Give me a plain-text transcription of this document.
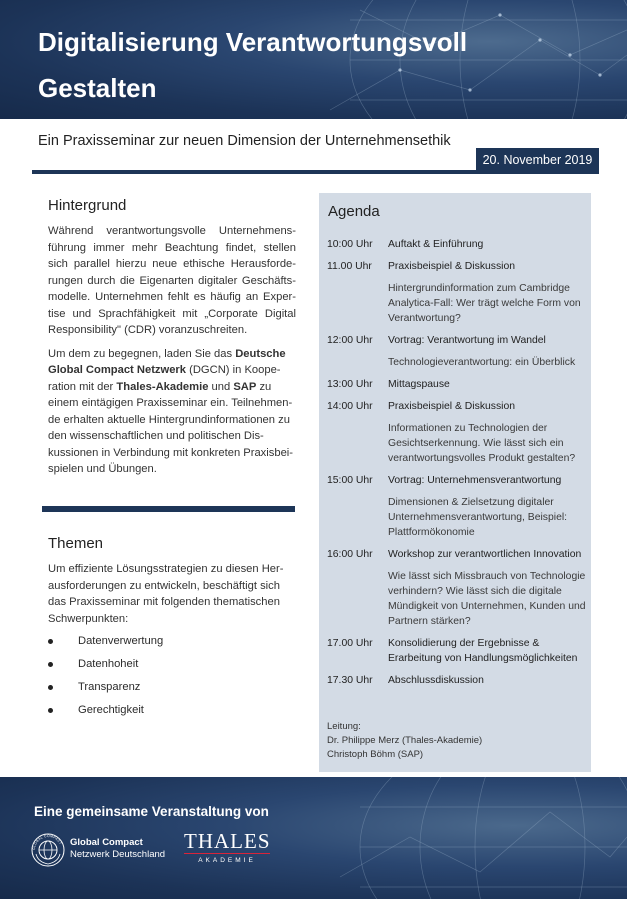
Digitalisierung Verantwortungsvoll
Gestalten
Ein Praxisseminar zur neuen Dimension der Unternehmensethik
20. November 2019
Hintergrund
Während verantwortungsvolle Unternehmens-
führung immer mehr Beachtung findet, stellen
sich parallel hierzu neue ethische Herausforde-
rungen durch die Eigenarten digitaler Geschäfts-
modelle. Unternehmen fehlt es häufig an Exper-
tise und Sprachfähigkeit mit „Corporate Digital
Responsibility" (CDR) voranzuschreiten.

Um dem zu begegnen, laden Sie das Deutsche Global Compact Netzwerk (DGCN) in Koope-ration mit der Thales-Akademie und SAP zu einem eintägigen Praxisseminar ein. Teilnehmen-de erhalten aktuelle Hintergrundinformationen zu den wissenschaftlichen und politischen Dis-kussionen in Verbindung mit konkreten Praxisbei-spielen und Übungen.

Themen

Um effiziente Lösungsstrategien zu diesen Her-ausforderungen zu entwickeln, beschäftigt sich das Praxisseminar mit folgenden thematischen Schwerpunkten:

Datenverwertung
Datenhoheit
Transparenz
Gerechtigkeit
Agenda
10:00 Uhr	Auftakt & Einführung
11.00 Uhr	Praxisbeispiel & Diskussion
Hintergrundinformation zum Cambridge Analytica-Fall: Wer trägt welche Form von Verantwortung?
12:00 Uhr	Vortrag: Verantwortung im Wandel
Technologieverantwortung: ein Überblick
13:00 Uhr	Mittagspause
14:00 Uhr	Praxisbeispiel & Diskussion
Informationen zu Technologien der Gesichtserkennung. Wie lässt sich ein verantwortungsvolles Produkt gestalten?
15:00 Uhr	Vortrag: Unternehmensverantwortung
Dimensionen & Zielsetzung digitaler Unternehmensverantwortung, Beispiel: Plattformökonomie
16:00 Uhr	Workshop zur verantwortlichen Innovation
Wie lässt sich Missbrauch von Technologie verhindern? Wie lässt sich die digitale Mündigkeit von Unternehmen, Kunden und Partnern stärken?
17.00 Uhr	Konsolidierung der Ergebnisse & Erarbeitung von Handlungsmöglichkeiten
17.30 Uhr	Abschlussdiskussion
Leitung:
Dr. Philippe Merz (Thales-Akademie)
Christoph Böhm (SAP)
Eine gemeinsame Veranstaltung von
GLOBAL COMPACT Global Compact
Netzwerk Deutschland
THALES
AKADEMIE
